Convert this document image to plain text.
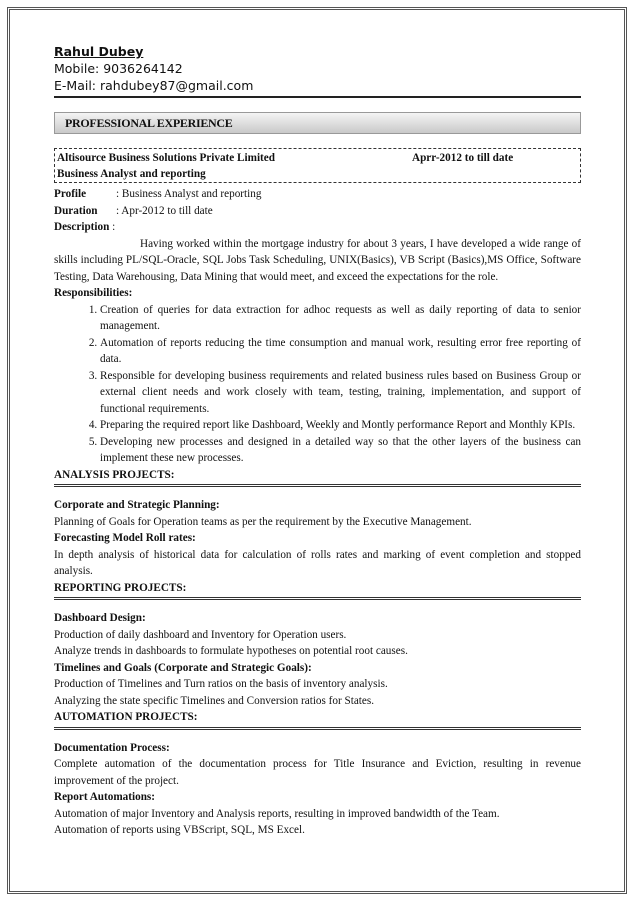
Rahul Dubey
Mobile: 9036264142
E-Mail: rahdubey87@gmail.com
PROFESSIONAL EXPERIENCE
Altisource Business Solutions Private Limited	Aprr-2012 to till date
Business Analyst and reporting
Profile	: Business Analyst and reporting
Duration	: Apr-2012 to till date
Description :
Having worked within the mortgage industry for about 3 years, I have developed a wide range of skills including PL/SQL-Oracle, SQL Jobs Task Scheduling, UNIX(Basics), VB Script (Basics),MS Office, Software Testing, Data Warehousing, Data Mining that would meet, and exceed the expectations for the role.
Responsibilities:
1. Creation of queries for data extraction for adhoc requests as well as daily reporting of data to senior management.
2. Automation of reports reducing the time consumption and manual work, resulting error free reporting of data.
3. Responsible for developing business requirements and related business rules based on Business Group or external client needs and work closely with team, testing, training, implementation, and support of functional requirements.
4. Preparing the required report like Dashboard, Weekly and Montly performance Report and Monthly KPIs.
5. Developing new processes and designed in a detailed way so that the other layers of the business can implement these new processes.
ANALYSIS PROJECTS:
Corporate and Strategic Planning:
Planning of Goals for Operation teams as per the requirement by the Executive Management.
Forecasting Model Roll rates:
In depth analysis of historical data for calculation of rolls rates and marking of event completion and stopped analysis.
REPORTING PROJECTS:
Dashboard Design:
Production of daily dashboard and Inventory for Operation users.
Analyze trends in dashboards to formulate hypotheses on potential root causes.
Timelines and Goals (Corporate and Strategic Goals):
Production of Timelines and Turn ratios on the basis of inventory analysis.
Analyzing the state specific Timelines and Conversion ratios for States.
AUTOMATION PROJECTS:
Documentation Process:
Complete automation of the documentation process for Title Insurance and Eviction, resulting in revenue improvement of the project.
Report Automations:
Automation of major Inventory and Analysis reports, resulting in improved bandwidth of the Team.
Automation of reports using VBScript, SQL, MS Excel.
